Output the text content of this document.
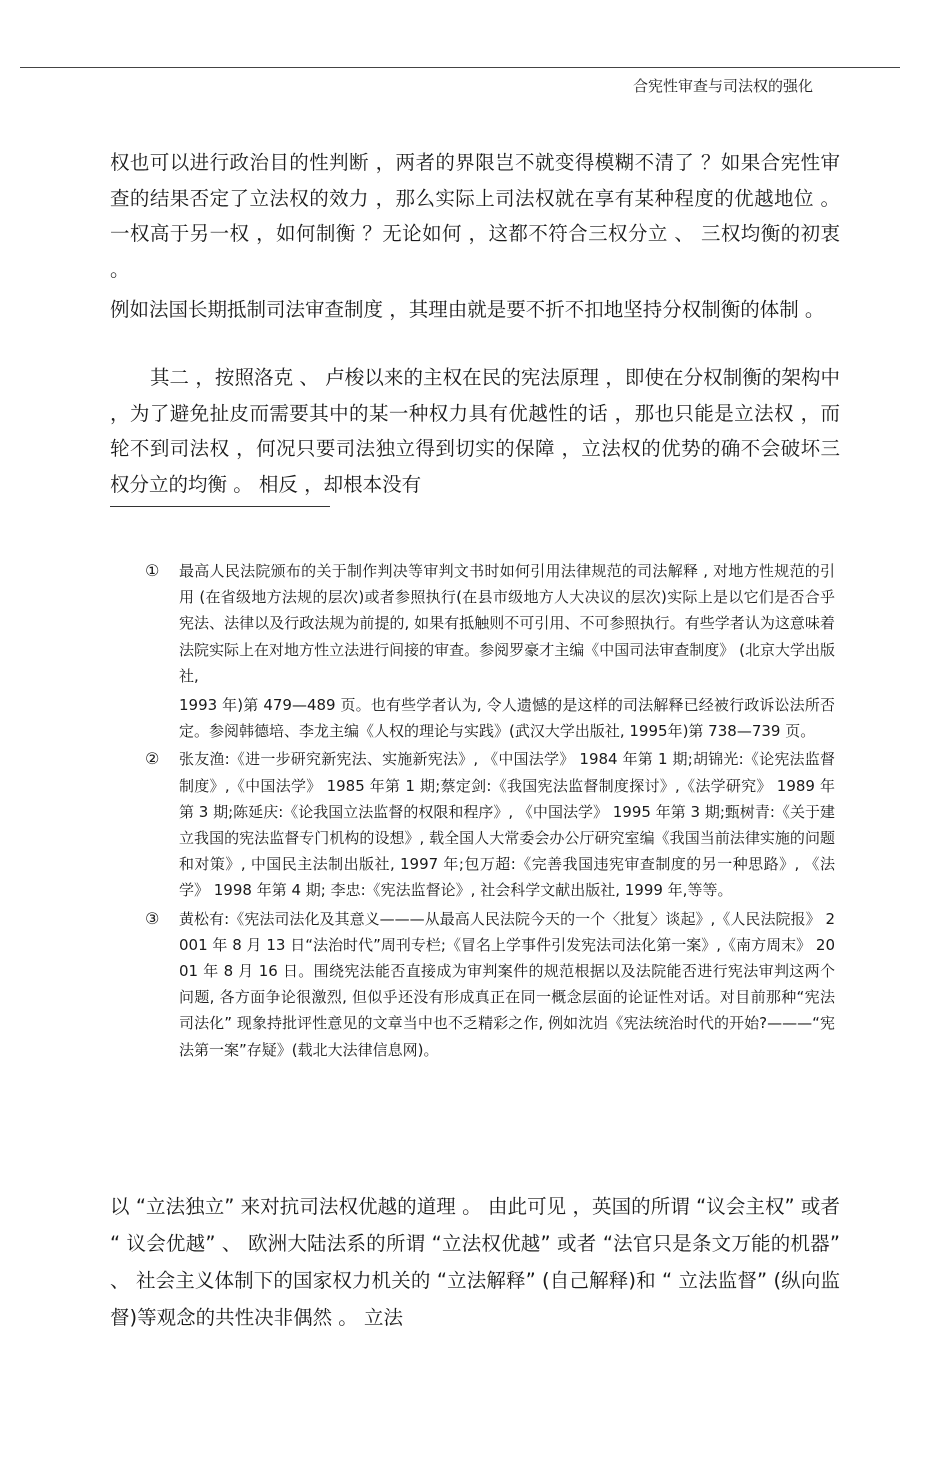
合宪性审查与司法权的强化

权也可以进行政治目的性判断 ，两者的界限岂不就变得模糊不清了 ？如果合宪性审查的结果否定了立法权的效力 ，那么实际上司法权就在享有某种程度的优越地位 。一权高于另一权 ，如何制衡 ？无论如何 ，这都不符合三权分立 、 三权均衡的初衷 。

例如法国长期抵制司法审查制度 ，其理由就是要不折不扣地坚持分权制衡的体制 。

其二 ，按照洛克 、 卢梭以来的主权在民的宪法原理 ，即使在分权制衡的架构中 ，为了避免扯皮而需要其中的某一种权力具有优越性的话 ，那也只能是立法权 ，而轮不到司法权 ，何况只要司法独立得到切实的保障 ，立法权的优势的确不会破坏三权分立的均衡 。 相反 ，却根本没有

① 最高人民法院颁布的关于制作判决等审判文书时如何引用法律规范的司法解释 , 对地方性规范的引用 (在省级地方法规的层次)或者参照执行(在县市级地方人大决议的层次)实际上是以它们是否合乎宪法、法律以及行政法规为前提的, 如果有抵触则不可引用、不可参照执行。有些学者认为这意味着法院实际上在对地方性立法进行间接的审查。参阅罗豪才主编《中国司法审查制度》 (北京大学出版社,
1993 年)第 479—489 页。也有些学者认为, 令人遗憾的是这样的司法解释已经被行政诉讼法所否定。参阅韩德培、李龙主编《人权的理论与实践》(武汉大学出版社, 1995年)第 738—739 页。
② 张友渔:《进一步研究新宪法、实施新宪法》, 《中国法学》 1984 年第 1 期;胡锦光:《论宪法监督制度》,《中国法学》 1985 年第 1 期;蔡定剑:《我国宪法监督制度探讨》,《法学研究》 1989 年第 3 期;陈延庆:《论我国立法监督的权限和程序》, 《中国法学》 1995 年第 3 期;甄树青:《关于建立我国的宪法监督专门机构的设想》, 载全国人大常委会办公厅研究室编《我国当前法律实施的问题和对策》, 中国民主法制出版社, 1997 年;包万超:《完善我国违宪审查制度的另一种思路》, 《法学》 1998 年第 4 期; 李忠:《宪法监督论》, 社会科学文献出版社, 1999 年,等等。
③ 黄松有:《宪法司法化及其意义———从最高人民法院今天的一个〈批复〉谈起》,《人民法院报》 2001 年 8 月 13 日“法治时代”周刊专栏;《冒名上学事件引发宪法司法化第一案》,《南方周末》 2001 年 8 月 16 日。围绕宪法能否直接成为审判案件的规范根据以及法院能否进行宪法审判这两个问题, 各方面争论很激烈, 但似乎还没有形成真正在同一概念层面的论证性对话。对目前那种“宪法司法化” 现象持批评性意见的文章当中也不乏精彩之作, 例如沈岿《宪法统治时代的开始?———“宪法第一案”存疑》(载北大法律信息网)。

以 “立法独立” 来对抗司法权优越的道理 。 由此可见 ，英国的所谓 “议会主权” 或者 “ 议会优越” 、 欧洲大陆法系的所谓 “立法权优越” 或者 “法官只是条文万能的机器” 、 社会主义体制下的国家权力机关的 “立法解释” (自己解释)和 “ 立法监督” (纵向监督)等观念的共性决非偶然 。 立法
